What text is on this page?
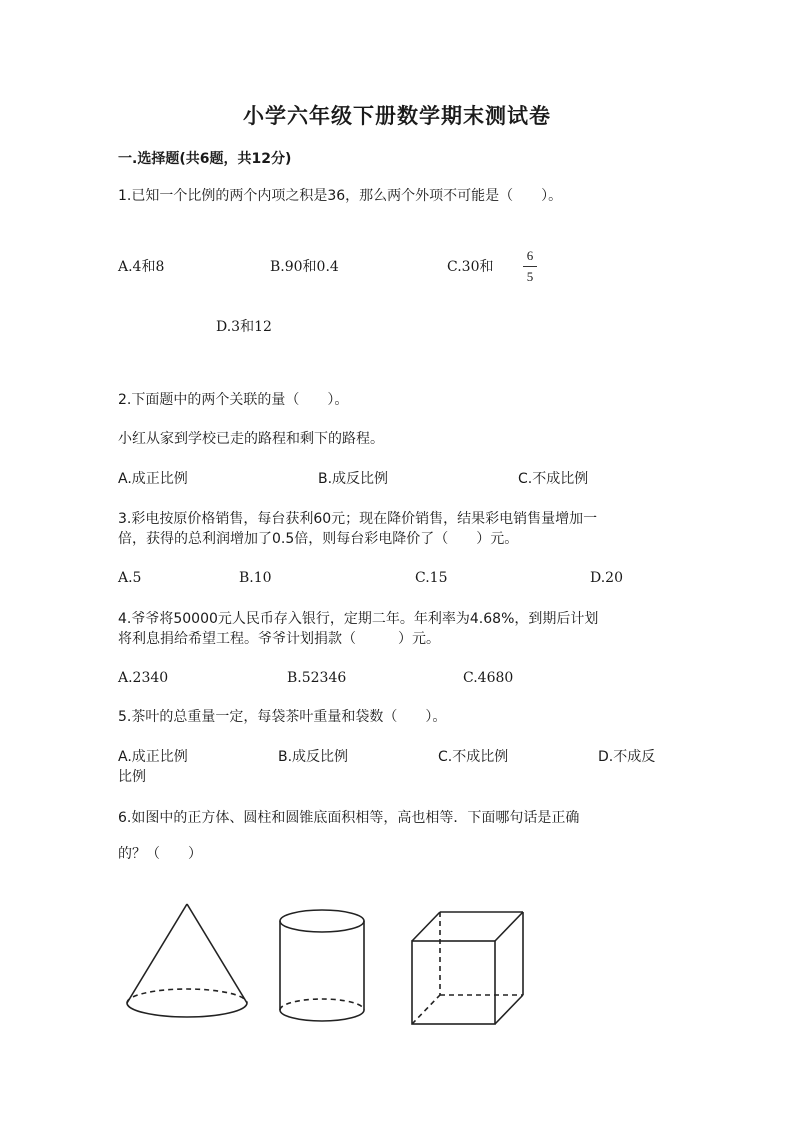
小学六年级下册数学期末测试卷
一.选择题(共6题，共12分)
1.已知一个比例的两个内项之积是36，那么两个外项不可能是（　　）。
A.4和8	B.90和0.4	C.30和
6
5
D.3和12
2.下面题中的两个关联的量（　　）。
小红从家到学校已走的路程和剩下的路程。
A.成正比例	B.成反比例	C.不成比例
3.彩电按原价格销售，每台获利60元；现在降价销售，结果彩电销售量增加一
倍，获得的总利润增加了0.5倍，则每台彩电降价了（　　）元。
A.5	B.10	C.15	D.20
4.爷爷将50000元人民币存入银行，定期二年。年利率为4.68%，到期后计划
将利息捐给希望工程。爷爷计划捐款（　　　）元。
A.2340	B.52346	C.4680
5.茶叶的总重量一定，每袋茶叶重量和袋数（　　）。
A.成正比例	B.成反比例	C.不成比例	D.不成反
比例
6.如图中的正方体、圆柱和圆锥底面积相等，高也相等．下面哪句话是正确
的？（　　）
